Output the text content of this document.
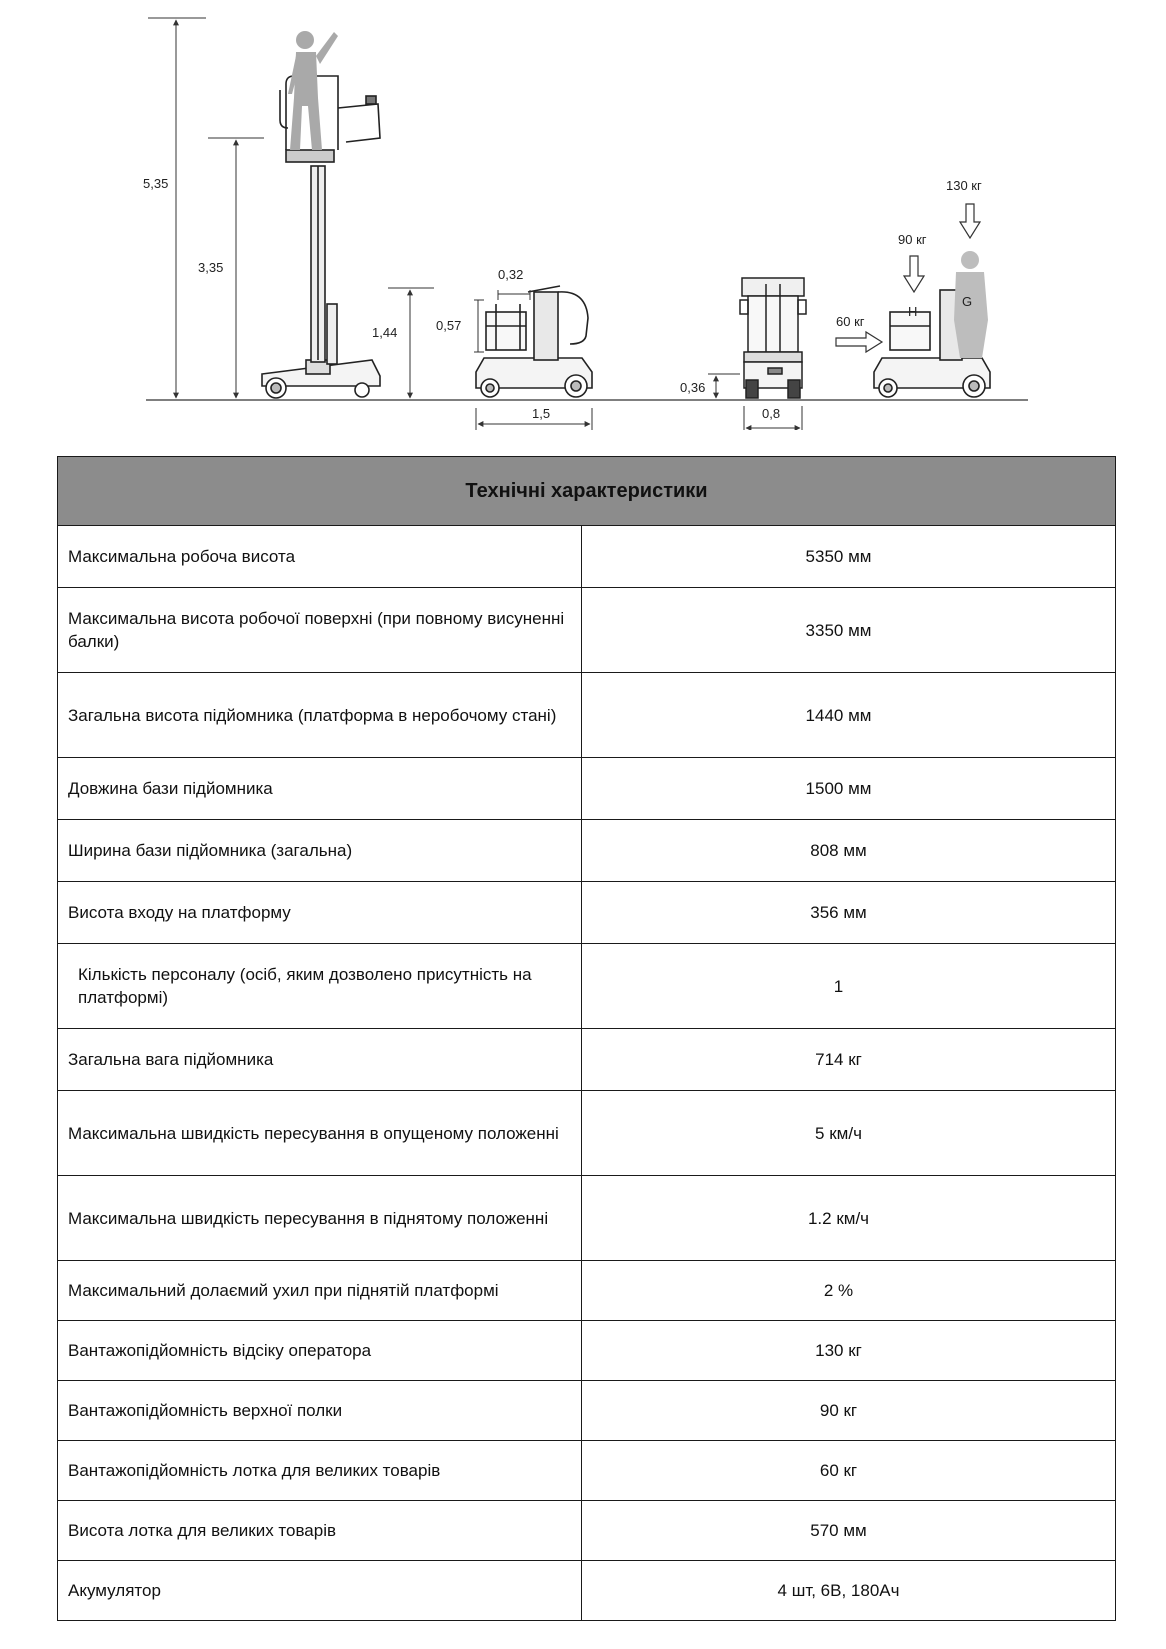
5,35
3,35
1,44
0,32
0,57
1,5
0,36
0,8
H
G
130 кг
90 кг
60 кг
Технічні характеристики	
Максимальна робоча висота	5350 мм
Максимальна висота робочої поверхні (при повному висуненні балки)	3350 мм
Загальна висота підйомника (платформа в неробочому стані)	1440 мм
Довжина бази підйомника	1500 мм
Ширина бази підйомника (загальна)	808 мм
Висота входу на платформу	356 мм
Кількість персоналу (осіб, яким дозволено присутність на платформі)	1
Загальна вага підйомника	714 кг
Максимальна швидкість пересування в опущеному положенні	5 км/ч
Максимальна швидкість пересування в піднятому положенні	1.2 км/ч
Максимальний долаємий ухил при піднятій платформі	2 %
Вантажопідйомність відсіку оператора	130 кг
Вантажопідйомність верхної полки	90 кг
Вантажопідйомність лотка для великих товарів	60 кг
Висота лотка для великих товарів	570 мм
Акумулятор	4 шт, 6В, 180Ач
